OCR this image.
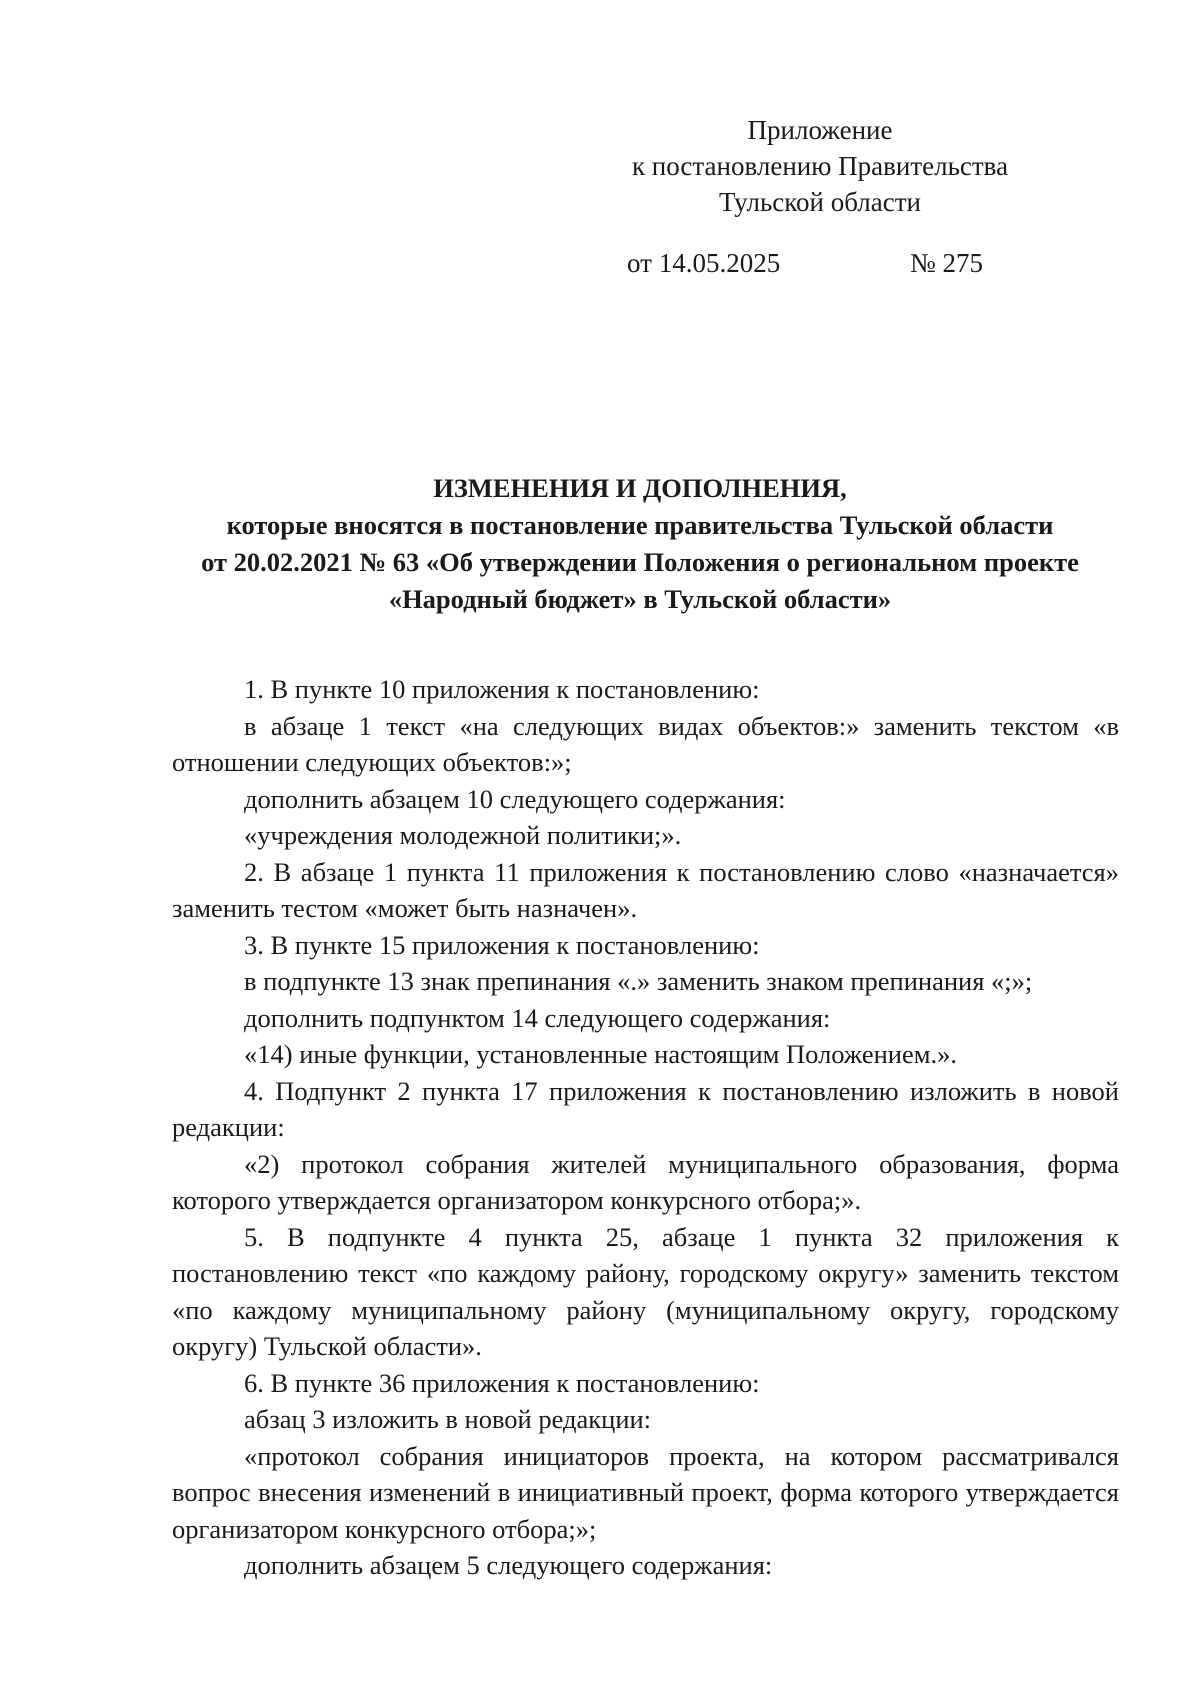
Приложение
к постановлению Правительства
Тульской области
от 14.05.2025	№ 275
ИЗМЕНЕНИЯ И ДОПОЛНЕНИЯ,
которые вносятся в постановление правительства Тульской области
от 20.02.2021 № 63 «Об утверждении Положения о региональном проекте
«Народный бюджет» в Тульской области»

1. В пункте 10 приложения к постановлению:

в абзаце 1 текст «на следующих видах объектов:» заменить текстом «в отношении следующих объектов:»;

дополнить абзацем 10 следующего содержания:

«учреждения молодежной политики;».

2. В абзаце 1 пункта 11 приложения к постановлению слово «назначается» заменить тестом «может быть назначен».

3. В пункте 15 приложения к постановлению:

в подпункте 13 знак препинания «.» заменить знаком препинания «;»;

дополнить подпунктом 14 следующего содержания:

«14) иные функции, установленные настоящим Положением.».

4. Подпункт 2 пункта 17 приложения к постановлению изложить в новой редакции:

«2) протокол собрания жителей муниципального образования, форма которого утверждается организатором конкурсного отбора;».

5. В подпункте 4 пункта 25, абзаце 1 пункта 32 приложения к постановлению текст «по каждому району, городскому округу» заменить текстом «по каждому муниципальному району (муниципальному округу, городскому округу) Тульской области».

6. В пункте 36 приложения к постановлению:

абзац 3 изложить в новой редакции:

«протокол собрания инициаторов проекта, на котором рассматривался вопрос внесения изменений в инициативный проект, форма которого утверждается организатором конкурсного отбора;»;

дополнить абзацем 5 следующего содержания:
